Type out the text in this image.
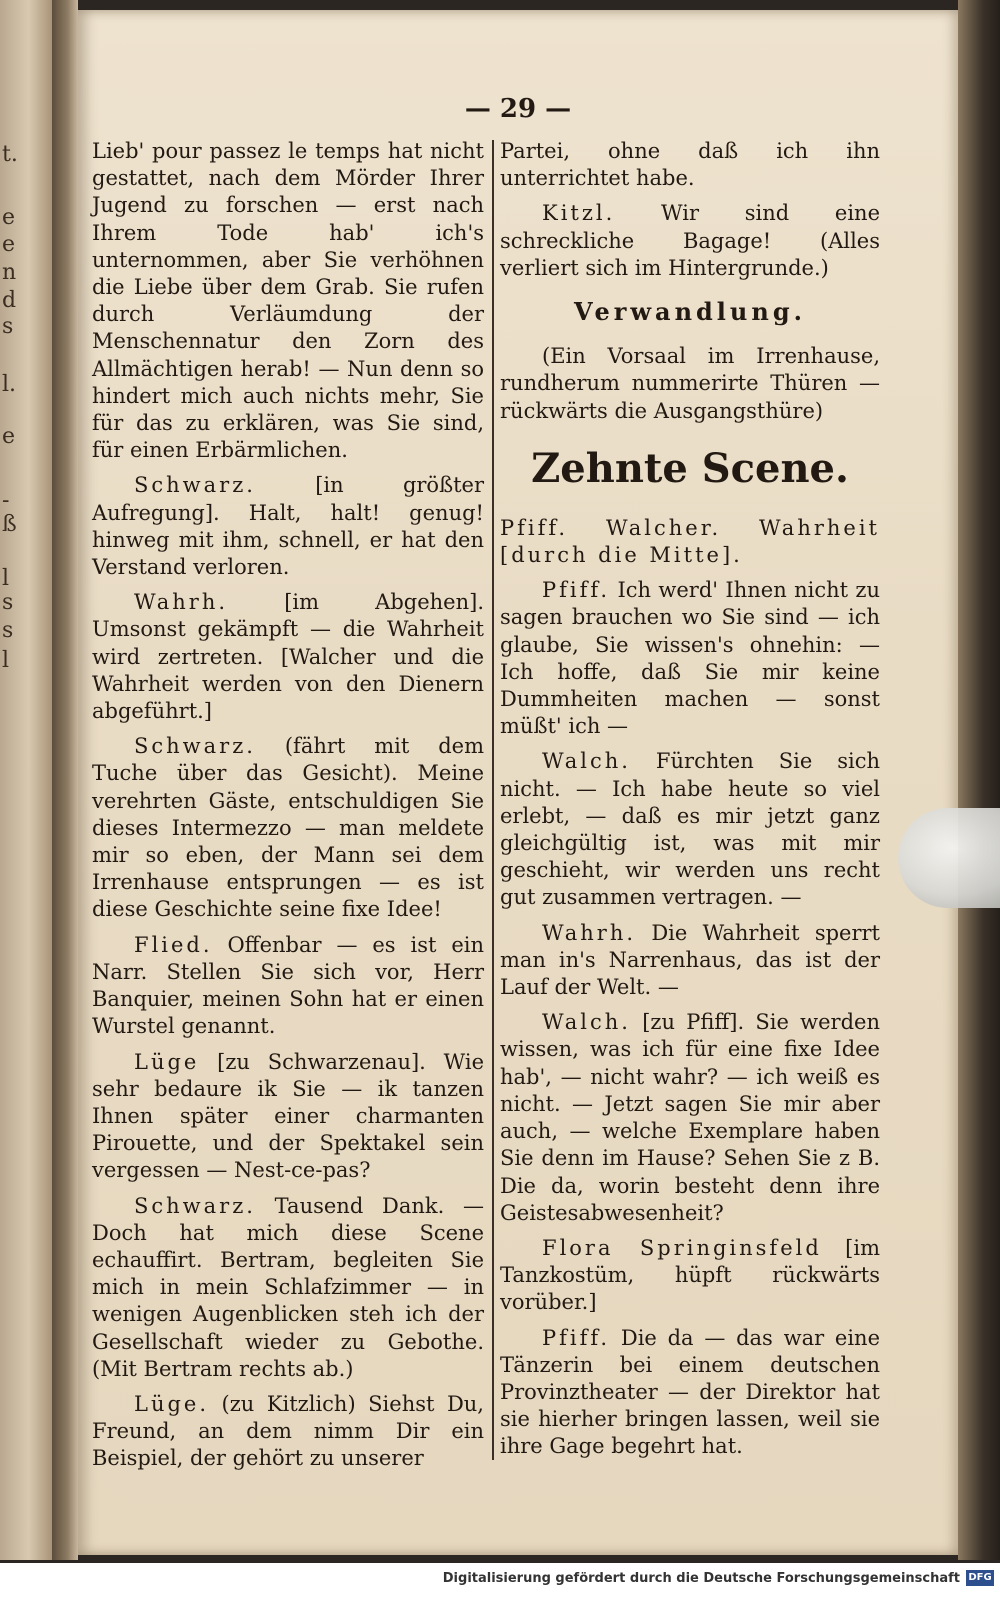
t.
e
e
n
d
s
l.
e
-
ß
l
s
s
l
— 29 —

Lieb' pour passez le temps hat nicht gestattet, nach dem Mörder Ihrer Jugend zu forschen — erst nach Ihrem Tode hab' ich's unternommen, aber Sie verhöhnen die Liebe über dem Grab. Sie rufen durch Verläumdung der Menschennatur den Zorn des Allmächtigen herab! — Nun denn so hindert mich auch nichts mehr, Sie für das zu erklären, was Sie sind, für einen Erbärmlichen.

Schwarz. [in größter Aufregung]. Halt, halt! genug! hinweg mit ihm, schnell, er hat den Verstand verloren.

Wahrh. [im Abgehen]. Umsonst gekämpft — die Wahrheit wird zertreten. [Walcher und die Wahrheit werden von den Dienern abgeführt.]

Schwarz. (fährt mit dem Tuche über das Gesicht). Meine verehrten Gäste, entschuldigen Sie dieses Intermezzo — man meldete mir so eben, der Mann sei dem Irrenhause entsprungen — es ist diese Geschichte seine fixe Idee!

Flied. Offenbar — es ist ein Narr. Stellen Sie sich vor, Herr Banquier, meinen Sohn hat er einen Wurstel genannt.

Lüge [zu Schwarzenau]. Wie sehr bedaure ik Sie — ik tanzen Ihnen später einer charmanten Pirouette, und der Spektakel sein vergessen — Nest-ce-pas?

Schwarz. Tausend Dank. — Doch hat mich diese Scene echauffirt. Bertram, begleiten Sie mich in mein Schlafzimmer — in wenigen Augenblicken steh ich der Gesellschaft wieder zu Gebothe. (Mit Bertram rechts ab.)

Lüge. (zu Kitzlich) Siehst Du, Freund, an dem nimm Dir ein Beispiel, der gehört zu unserer

Partei, ohne daß ich ihn unterrichtet habe.

Kitzl. Wir sind eine schreckliche Bagage! (Alles verliert sich im Hintergrunde.)

Verwandlung.

(Ein Vorsaal im Irrenhause, rundherum nummerirte Thüren — rückwärts die Ausgangsthüre)

Zehnte Scene.

Pfiff. Walcher. Wahrheit [durch die Mitte].

Pfiff. Ich werd' Ihnen nicht zu sagen brauchen wo Sie sind — ich glaube, Sie wissen's ohnehin: — Ich hoffe, daß Sie mir keine Dummheiten machen — sonst müßt' ich —

Walch. Fürchten Sie sich nicht. — Ich habe heute so viel erlebt, — daß es mir jetzt ganz gleichgültig ist, was mit mir geschieht, wir werden uns recht gut zusammen vertragen. —

Wahrh. Die Wahrheit sperrt man in's Narrenhaus, das ist der Lauf der Welt. —

Walch. [zu Pfiff]. Sie werden wissen, was ich für eine fixe Idee hab', — nicht wahr? — ich weiß es nicht. — Jetzt sagen Sie mir aber auch, — welche Exemplare haben Sie denn im Hause? Sehen Sie z B. Die da, worin besteht denn ihre Geistesabwesenheit?

Flora Springinsfeld [im Tanzkostüm, hüpft rückwärts vorüber.]

Pfiff. Die da — das war eine Tänzerin bei einem deutschen Provinztheater — der Direktor hat sie hierher bringen lassen, weil sie ihre Gage begehrt hat.

Digitalisierung gefördert durch die Deutsche Forschungsgemeinschaft DFG
